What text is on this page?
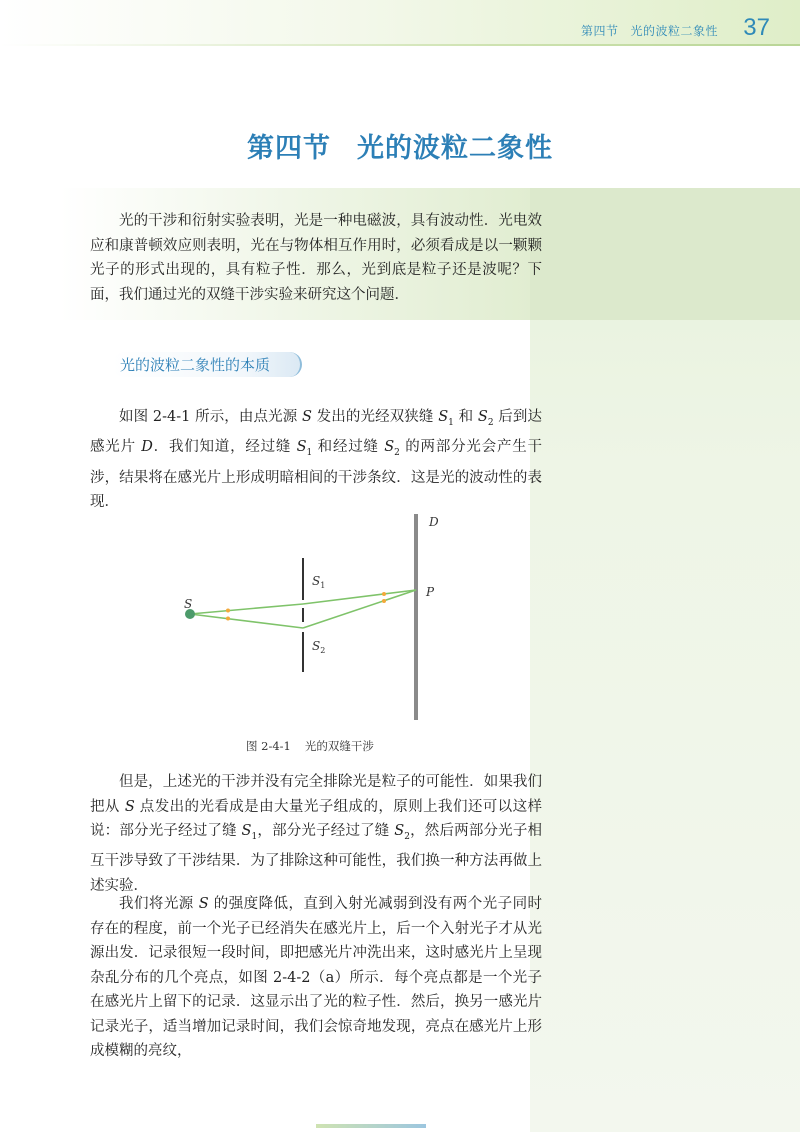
第四节 光的波粒二象性 37
第四节 光的波粒二象性

光的干涉和衍射实验表明，光是一种电磁波，具有波动性．光电效应和康普顿效应则表明，光在与物体相互作用时，必须看成是以一颗颗光子的形式出现的，具有粒子性．那么，光到底是粒子还是波呢？下面，我们通过光的双缝干涉实验来研究这个问题．

光的波粒二象性的本质

如图 2-4-1 所示，由点光源 S 发出的光经双狭缝 $S_1$ 和 $S_2$ 后到达感光片 D．我们知道，经过缝 $S_1$ 和经过缝 $S_2$ 的两部分光会产生干涉，结果将在感光片上形成明暗相间的干涉条纹．这是光的波动性的表现．

S
$S_1$
$S_2$
P
D
图 2-4-1 光的双缝干涉

但是，上述光的干涉并没有完全排除光是粒子的可能性．如果我们把从 S 点发出的光看成是由大量光子组成的，原则上我们还可以这样说：部分光子经过了缝 $S_1$，部分光子经过了缝 $S_2$，然后两部分光子相互干涉导致了干涉结果．为了排除这种可能性，我们换一种方法再做上述实验．

我们将光源 S 的强度降低，直到入射光减弱到没有两个光子同时存在的程度，前一个光子已经消失在感光片上，后一个入射光子才从光源出发．记录很短一段时间，即把感光片冲洗出来，这时感光片上呈现杂乱分布的几个亮点，如图 2-4-2（a）所示．每个亮点都是一个光子在感光片上留下的记录．这显示出了光的粒子性．然后，换另一感光片记录光子，适当增加记录时间，我们会惊奇地发现，亮点在感光片上形成模糊的亮纹，
